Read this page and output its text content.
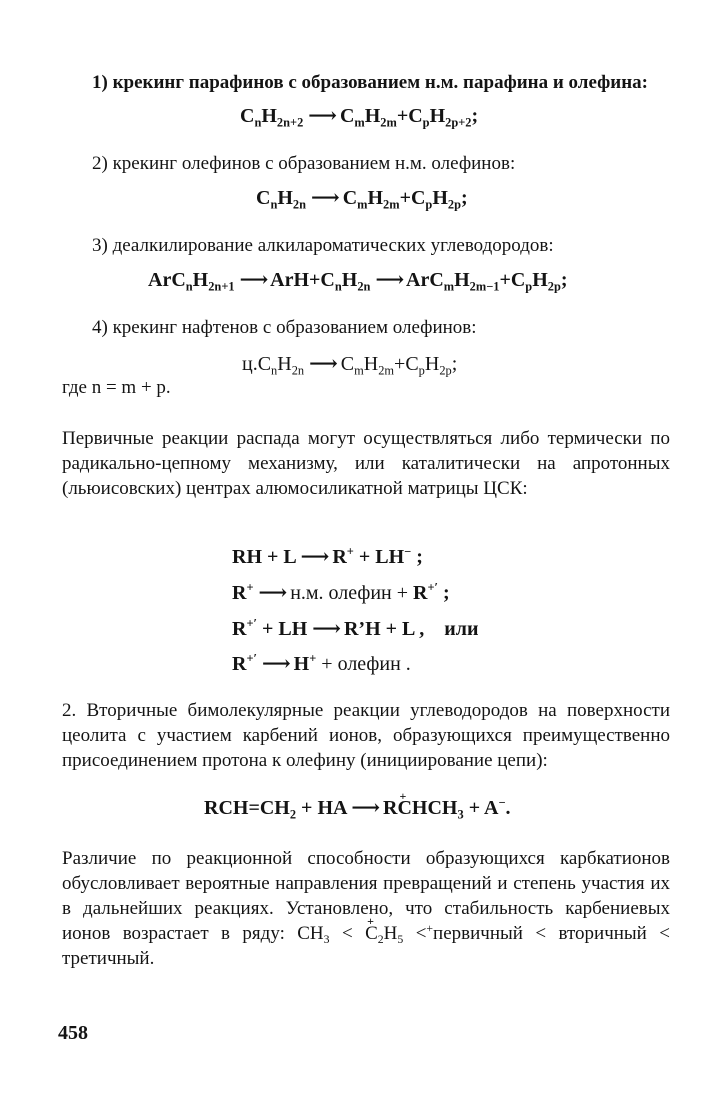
1) крекинг парафинов с образованием н.м. парафина и олефина:
$C_nH_{2n+2}$ ⟶ $C_mH_{2m}+C_pH_{2p+2}$;
2) крекинг олефинов с образованием н.м. олефинов:
$C_nH_{2n}$ ⟶ $C_mH_{2m}+C_pH_{2p}$;
3) деалкилирование алкилароматических углеводородов:
$ArC_nH_{2n+1}$ ⟶ $ArH+C_nH_{2n}$ ⟶ $ArC_mH_{2m-1}+C_pH_{2p}$;
4) крекинг нафтенов с образованием олефинов:
$ц.C_nH_{2n}$ ⟶ $C_mH_{2m}+C_pH_{2p}$;
где n = m + p.
Первичные реакции распада могут осуществляться либо термически по радикально-цепному механизму, или каталитически на апротонных (льюисовских) центрах алюмосиликатной матрицы ЦСК:
RH + L ⟶ R+ + LH− ;
R+ ⟶ н.м. олефин + R+′ ;
R+′ + LH ⟶ R’H + L ,    или
R+′ ⟶ H+ + олефин .
2. Вторичные бимолекулярные реакции углеводородов на поверхности цеолита с участием карбений ионов, образующихся преимущественно присоединением протона к олефину (инициирование цепи):
$RCH=CH_2$ + HA ⟶ $R+ CHCH_3 + A^-$.
Различие по реакционной способности образующихся карбкатионов обусловливает вероятные направления превращений и степень участия их в дальнейших реакциях. Установлено, что стабильность карбениевых ионов возрастает в ряду: $CH_3$ < + $C_2H_5$ <+первичный < вторичный < третичный.
458
